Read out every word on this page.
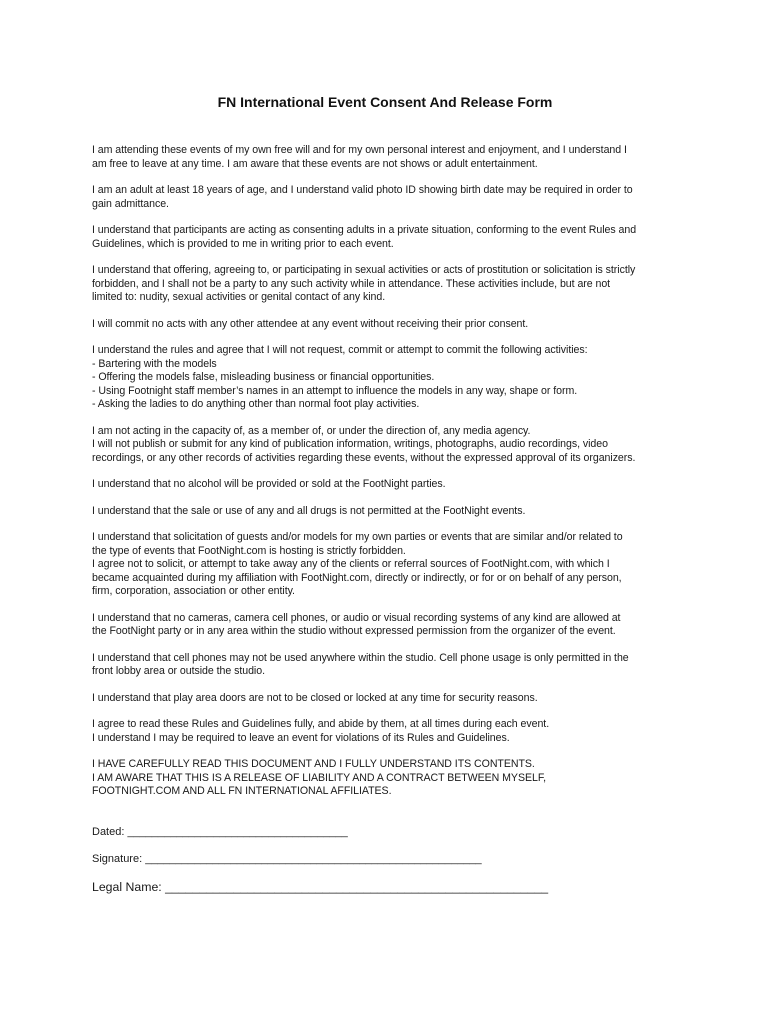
FN International Event Consent And Release Form
I am attending these events of my own free will and for my own personal interest and enjoyment, and I understand I
am free to leave at any time. I am aware that these events are not shows or adult entertainment.
I am an adult at least 18 years of age, and I understand valid photo ID showing birth date may be required in order to
gain admittance.
I understand that participants are acting as consenting adults in a private situation, conforming to the event Rules and
Guidelines, which is provided to me in writing prior to each event.
I understand that offering, agreeing to, or participating in sexual activities or acts of prostitution or solicitation is strictly
forbidden, and I shall not be a party to any such activity while in attendance. These activities include, but are not
limited to: nudity, sexual activities or genital contact of any kind.
I will commit no acts with any other attendee at any event without receiving their prior consent.
I understand the rules and agree that I will not request, commit or attempt to commit the following activities:
- Bartering with the models
- Offering the models false, misleading business or financial opportunities.
- Using Footnight staff member’s names in an attempt to influence the models in any way, shape or form.
- Asking the ladies to do anything other than normal foot play activities.
I am not acting in the capacity of, as a member of, or under the direction of, any media agency.
I will not publish or submit for any kind of publication information, writings, photographs, audio recordings, video
recordings, or any other records of activities regarding these events, without the expressed approval of its organizers.
I understand that no alcohol will be provided or sold at the FootNight parties.
I understand that the sale or use of any and all drugs is not permitted at the FootNight events.
I understand that solicitation of guests and/or models for my own parties or events that are similar and/or related to
the type of events that FootNight.com is hosting is strictly forbidden.
I agree not to solicit, or attempt to take away any of the clients or referral sources of FootNight.com, with which I
became acquainted during my affiliation with FootNight.com, directly or indirectly, or for or on behalf of any person,
firm, corporation, association or other entity.
I understand that no cameras, camera cell phones, or audio or visual recording systems of any kind are allowed at
the FootNight party or in any area within the studio without expressed permission from the organizer of the event.
I understand that cell phones may not be used anywhere within the studio. Cell phone usage is only permitted in the
front lobby area or outside the studio.
I understand that play area doors are not to be closed or locked at any time for security reasons.
I agree to read these Rules and Guidelines fully, and abide by them, at all times during each event.
I understand I may be required to leave an event for violations of its Rules and Guidelines.
I HAVE CAREFULLY READ THIS DOCUMENT AND I FULLY UNDERSTAND ITS CONTENTS.
I AM AWARE THAT THIS IS A RELEASE OF LIABILITY AND A CONTRACT BETWEEN MYSELF,
FOOTNIGHT.COM AND ALL FN INTERNATIONAL AFFILIATES.
Dated: ____________________________________
Signature: _______________________________________________________
Legal Name: ________________________________________________________
